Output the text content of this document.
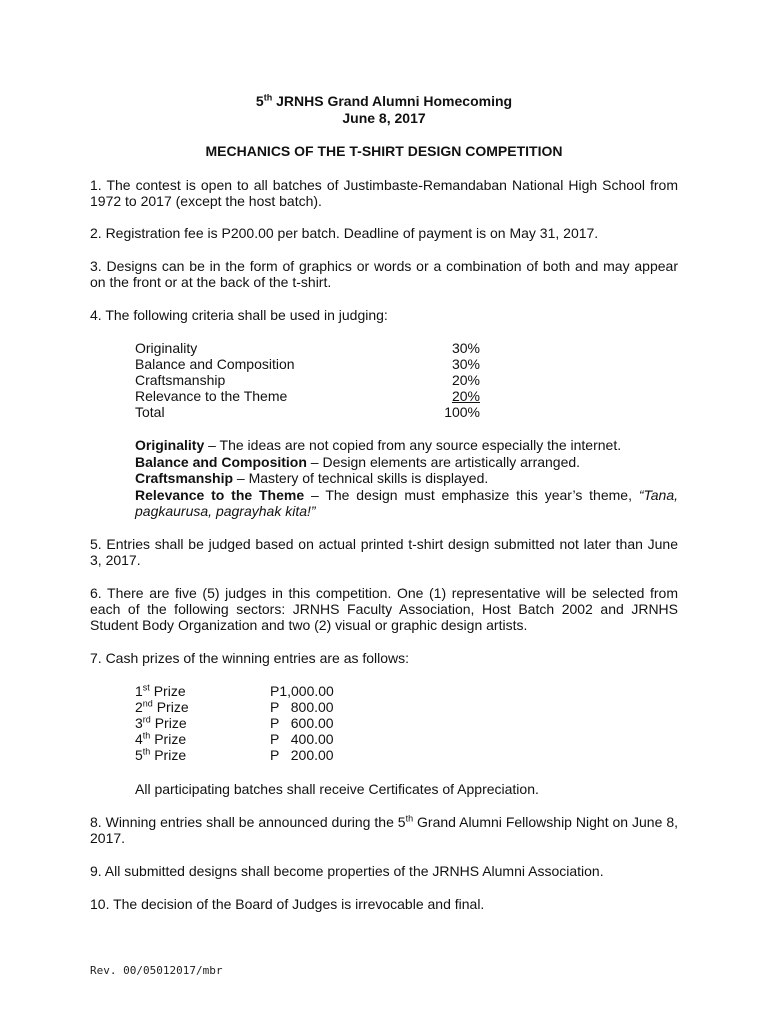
5th JRNHS Grand Alumni Homecoming
June 8, 2017
MECHANICS OF THE T-SHIRT DESIGN COMPETITION
1. The contest is open to all batches of Justimbaste-Remandaban National High School from 1972 to 2017 (except the host batch).
2. Registration fee is P200.00 per batch. Deadline of payment is on May 31, 2017.
3. Designs can be in the form of graphics or words or a combination of both and may appear on the front or at the back of the t-shirt.
4. The following criteria shall be used in judging:
Originality	30%
Balance and Composition	30%
Craftsmanship	20%
Relevance to the Theme	20%
Total	100%
Originality – The ideas are not copied from any source especially the internet.
Balance and Composition – Design elements are artistically arranged.
Craftsmanship – Mastery of technical skills is displayed.
Relevance to the Theme – The design must emphasize this year’s theme, “Tana, pagkaurusa, pagrayhak kita!”
5. Entries shall be judged based on actual printed t-shirt design submitted not later than June 3, 2017.
6. There are five (5) judges in this competition. One (1) representative will be selected from each of the following sectors: JRNHS Faculty Association, Host Batch 2002 and JRNHS Student Body Organization and two (2) visual or graphic design artists.
7. Cash prizes of the winning entries are as follows:
1st Prize	P1,000.00
2nd Prize	P   800.00
3rd Prize	P   600.00
4th Prize	P   400.00
5th Prize	P   200.00
All participating batches shall receive Certificates of Appreciation.
8. Winning entries shall be announced during the 5th Grand Alumni Fellowship Night on June 8, 2017.
9. All submitted designs shall become properties of the JRNHS Alumni Association.
10. The decision of the Board of Judges is irrevocable and final.
Rev. 00/05012017/mbr
